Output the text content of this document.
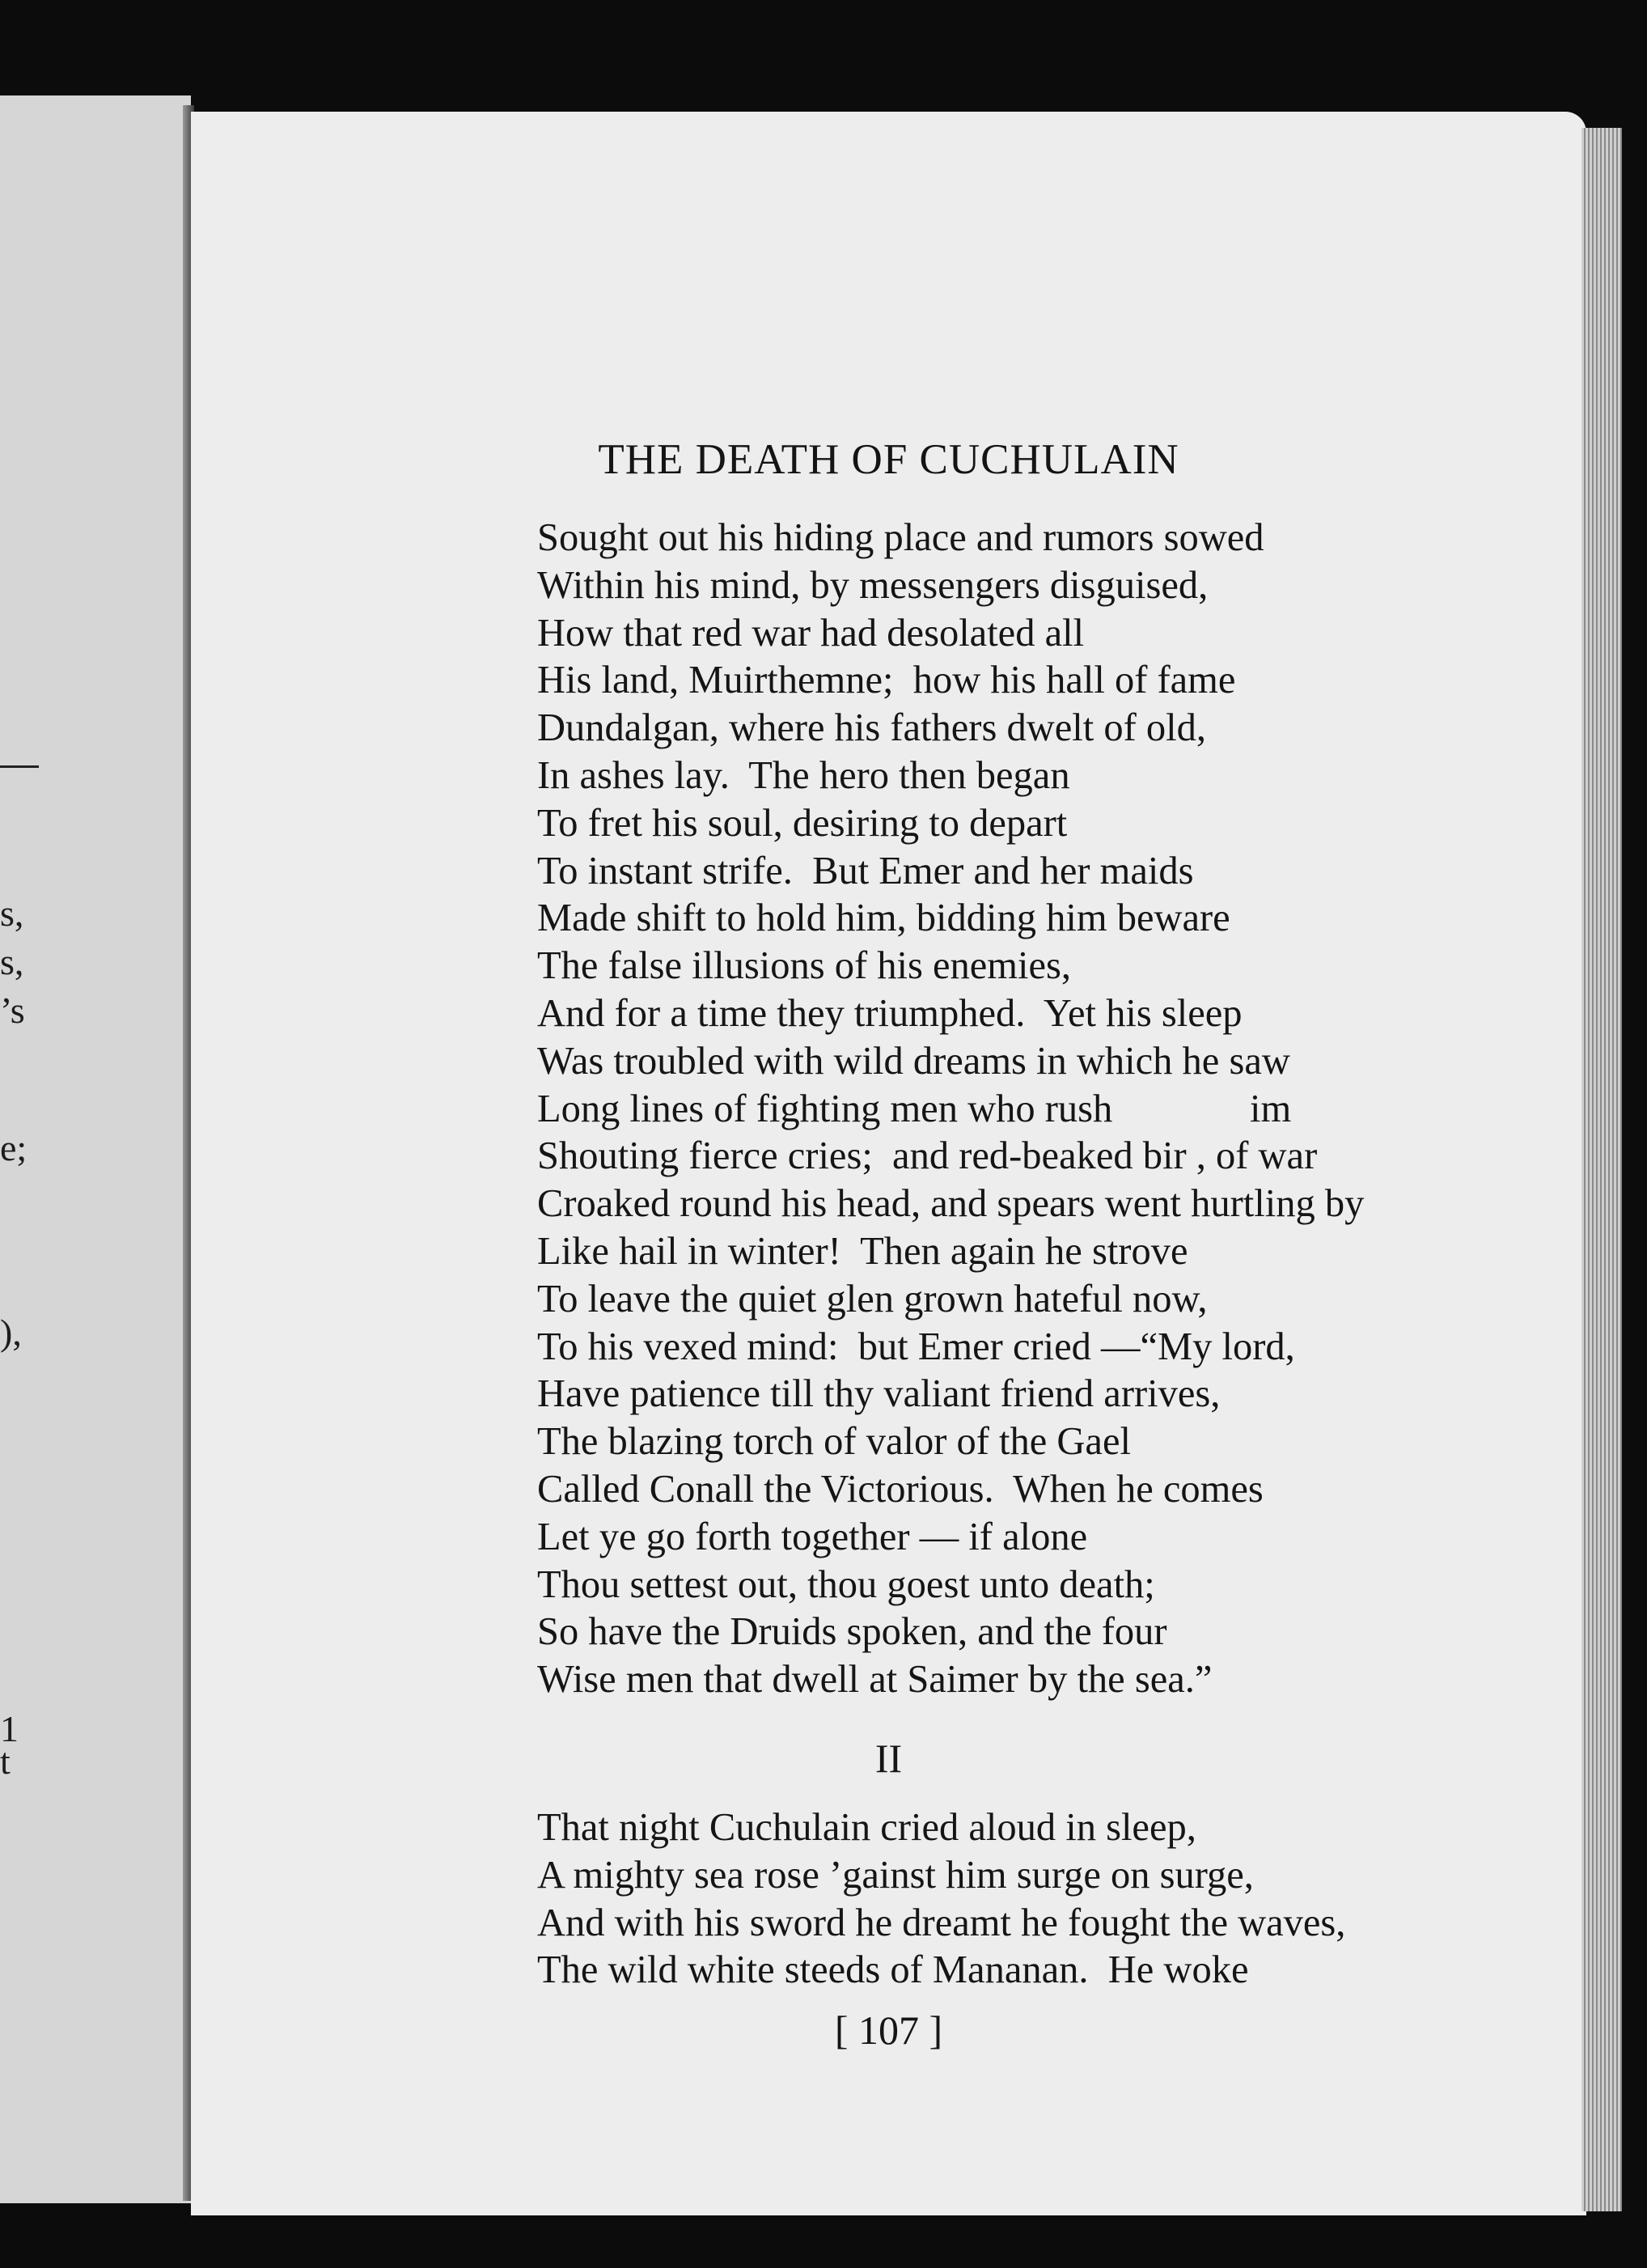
s,
s,
’s
e;
),
1
t
THE DEATH OF CUCHULAIN
Sought out his hiding place and rumors sowed
Within his mind, by messengers disguised,
How that red war had desolated all
His land, Muirthemne;  how his hall of fame
Dundalgan, where his fathers dwelt of old,
In ashes lay.  The hero then began
To fret his soul, desiring to depart
To instant strife.  But Emer and her maids
Made shift to hold him, bidding him beware
The false illusions of his enemies,
And for a time they triumphed.  Yet his sleep
Was troubled with wild dreams in which he saw
Long lines of fighting men who rush              im
Shouting fierce cries;  and red-beaked bir , of war
Croaked round his head, and spears went hurtling by
Like hail in winter!  Then again he strove
To leave the quiet glen grown hateful now,
To his vexed mind:  but Emer cried —“My lord,
Have patience till thy valiant friend arrives,
The blazing torch of valor of the Gael
Called Conall the Victorious.  When he comes
Let ye go forth together — if alone
Thou settest out, thou goest unto death;
So have the Druids spoken, and the four
Wise men that dwell at Saimer by the sea.”
II
That night Cuchulain cried aloud in sleep,
A mighty sea rose ’gainst him surge on surge,
And with his sword he dreamt he fought the waves,
The wild white steeds of Mananan.  He woke
[ 107 ]
